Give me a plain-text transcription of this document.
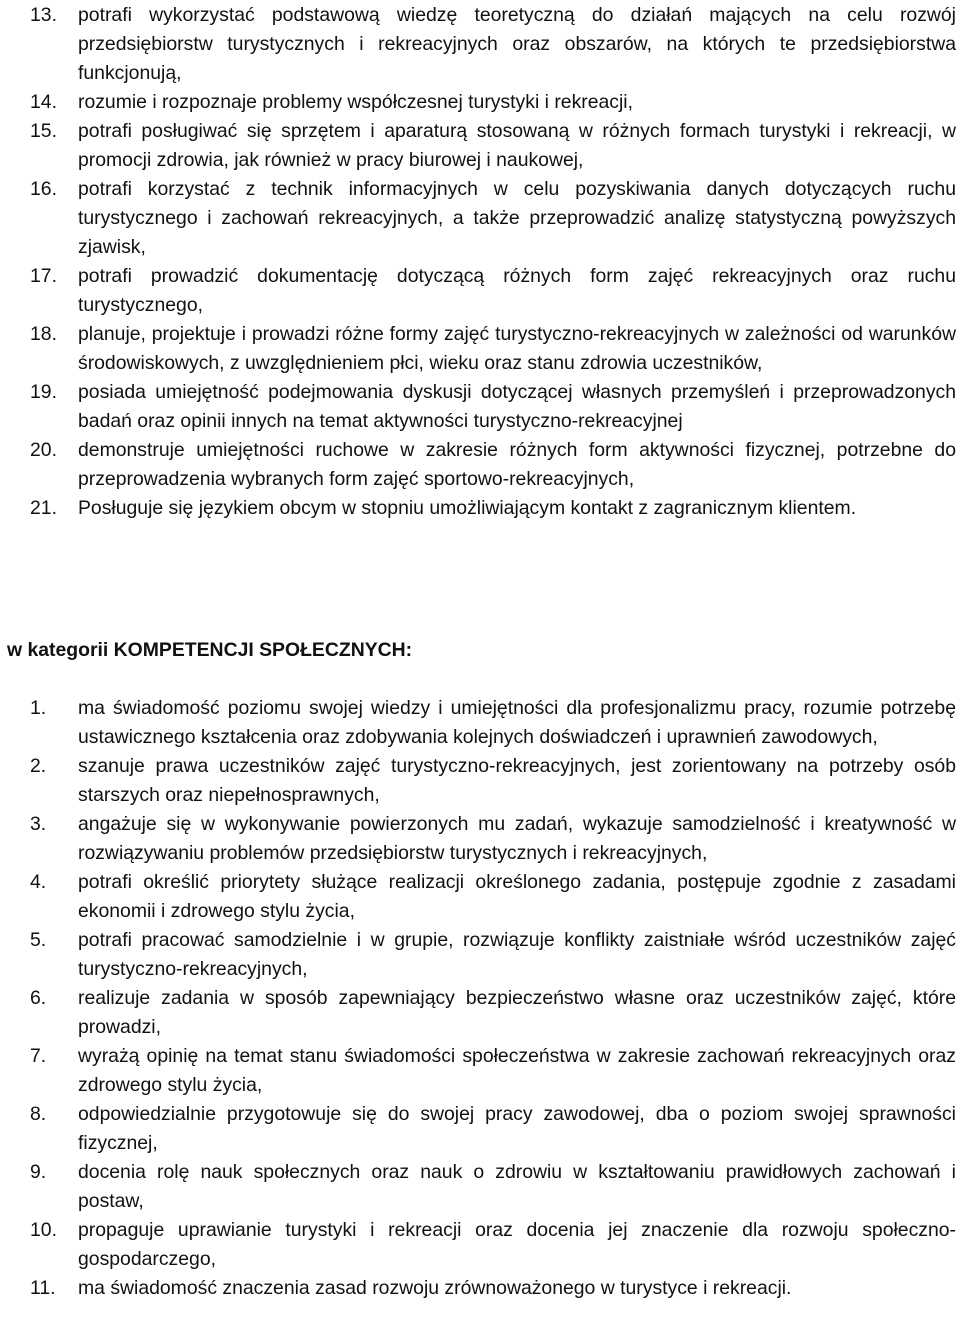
13.	potrafi wykorzystać podstawową wiedzę teoretyczną do działań mających na celu rozwój przedsiębiorstw turystycznych i rekreacyjnych oraz obszarów, na których te przedsiębiorstwa funkcjonują,
14.	rozumie i rozpoznaje problemy współczesnej turystyki i rekreacji,
15.	potrafi posługiwać się sprzętem i aparaturą stosowaną w różnych formach turystyki i rekreacji, w promocji zdrowia, jak również w pracy biurowej i naukowej,
16.	potrafi korzystać z technik informacyjnych w celu pozyskiwania danych dotyczących ruchu turystycznego i zachowań rekreacyjnych, a także przeprowadzić analizę statystyczną powyższych zjawisk,
17.	potrafi prowadzić dokumentację dotyczącą różnych form zajęć rekreacyjnych oraz ruchu turystycznego,
18.	planuje, projektuje i prowadzi różne formy zajęć turystyczno-rekreacyjnych w zależności od warunków środowiskowych, z uwzględnieniem płci, wieku oraz stanu zdrowia uczestników,
19.	posiada umiejętność podejmowania dyskusji dotyczącej własnych przemyśleń i przeprowadzonych badań oraz opinii innych na temat aktywności turystyczno-rekreacyjnej
20.	demonstruje umiejętności ruchowe w zakresie różnych form aktywności fizycznej, potrzebne do przeprowadzenia wybranych form zajęć sportowo-rekreacyjnych,
21.	Posługuje się językiem obcym w stopniu umożliwiającym kontakt z zagranicznym klientem.
w kategorii KOMPETENCJI SPOŁECZNYCH:
1.	ma świadomość poziomu swojej wiedzy i umiejętności dla profesjonalizmu pracy, rozumie potrzebę ustawicznego kształcenia oraz zdobywania kolejnych doświadczeń i uprawnień zawodowych,
2.	szanuje prawa uczestników zajęć turystyczno-rekreacyjnych, jest zorientowany na potrzeby osób starszych oraz niepełnosprawnych,
3.	angażuje się w wykonywanie powierzonych mu zadań, wykazuje samodzielność i kreatywność w rozwiązywaniu problemów przedsiębiorstw turystycznych i rekreacyjnych,
4.	potrafi określić priorytety służące realizacji określonego zadania, postępuje zgodnie z zasadami ekonomii i zdrowego stylu życia,
5.	potrafi pracować samodzielnie i w grupie, rozwiązuje konflikty zaistniałe wśród uczestników zajęć turystyczno-rekreacyjnych,
6.	realizuje zadania w sposób zapewniający bezpieczeństwo własne oraz uczestników zajęć, które prowadzi,
7.	wyrażą opinię na temat stanu świadomości społeczeństwa w zakresie zachowań rekreacyjnych oraz zdrowego stylu życia,
8.	odpowiedzialnie przygotowuje się do swojej pracy zawodowej, dba o poziom swojej sprawności fizycznej,
9.	docenia rolę nauk społecznych oraz nauk o zdrowiu w kształtowaniu prawidłowych zachowań i postaw,
10.	propaguje uprawianie turystyki i rekreacji oraz docenia jej znaczenie dla rozwoju społeczno-gospodarczego,
11.	ma świadomość znaczenia zasad rozwoju zrównoważonego w turystyce i rekreacji.
